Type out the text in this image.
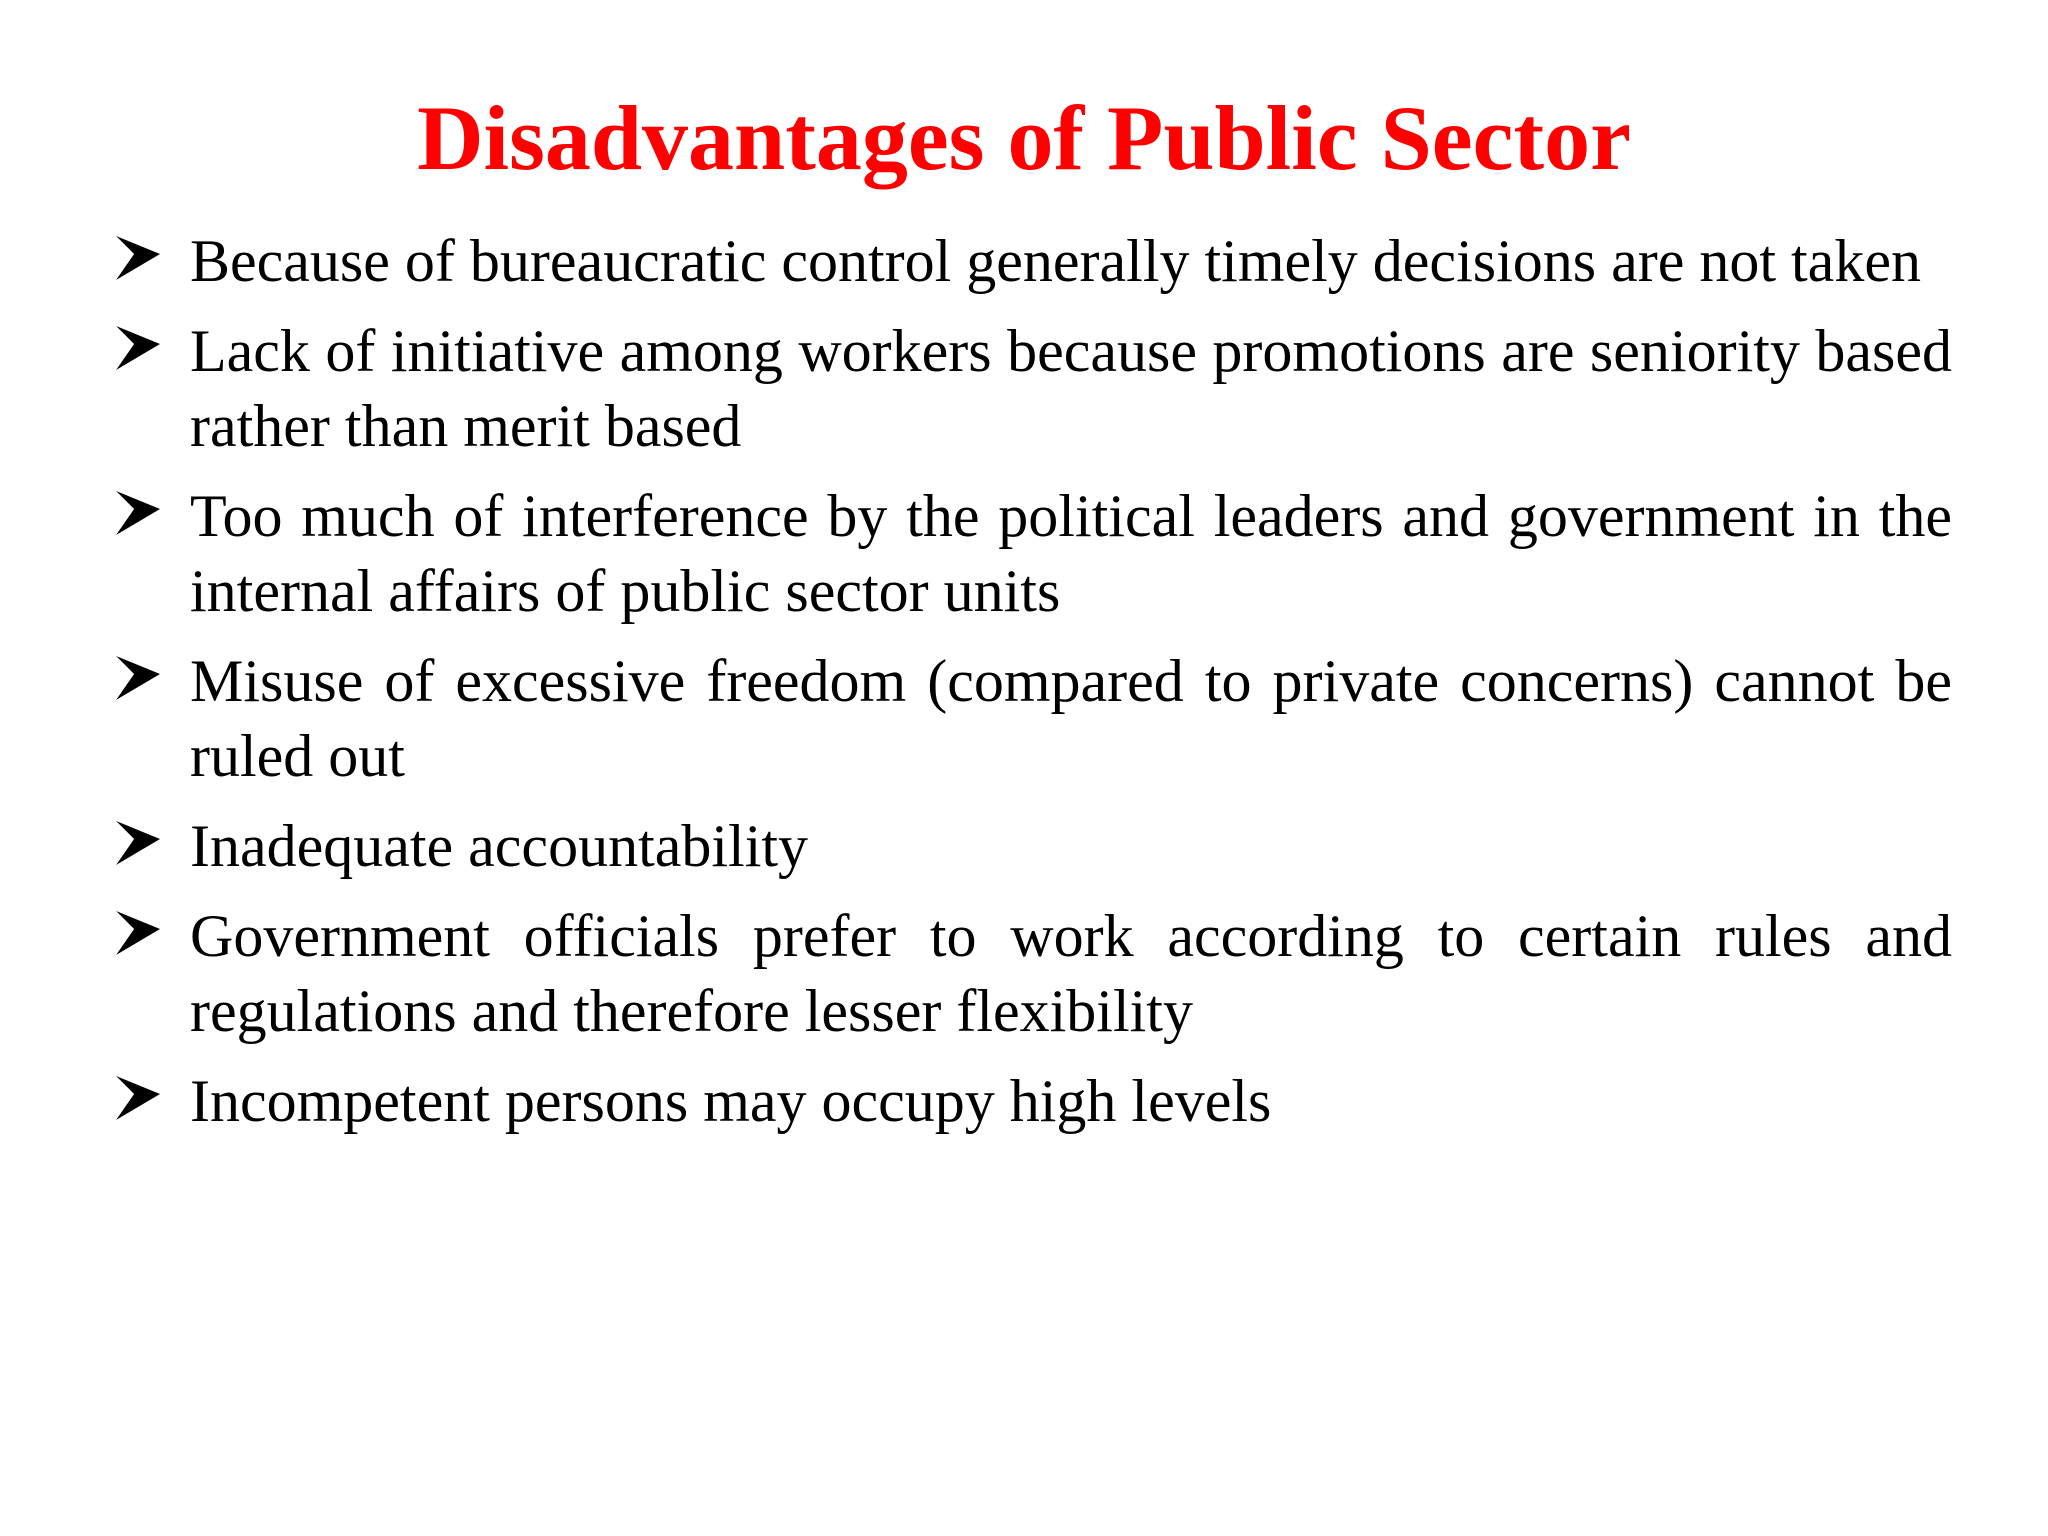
Disadvantages of Public Sector
Because of bureaucratic control generally timely decisions are not taken
Lack of initiative among workers because promotions are seniority based rather than merit based
Too much of interference by the political leaders and government in the internal affairs of public sector units
Misuse of excessive freedom (compared to private concerns) cannot be ruled out
Inadequate accountability
Government officials prefer to work according to certain rules and regulations and therefore lesser flexibility
Incompetent persons may occupy high levels
